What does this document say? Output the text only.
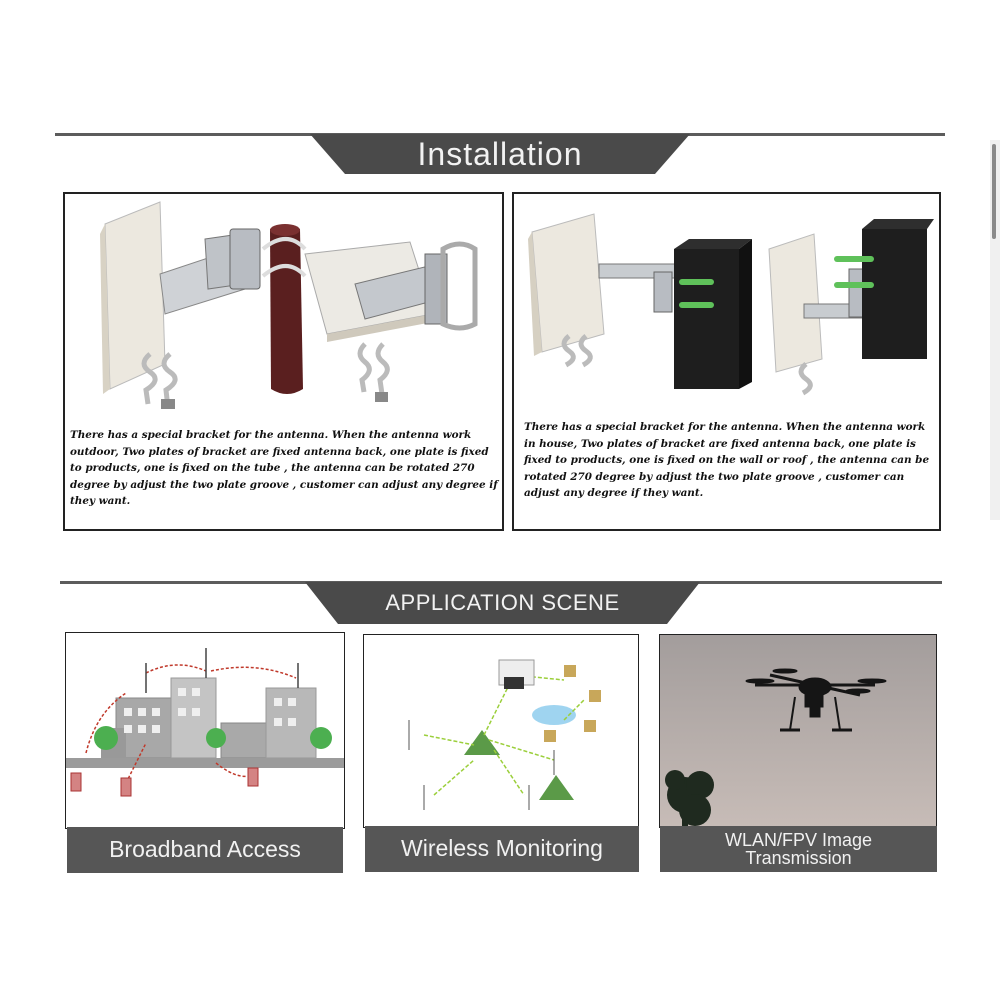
Installation
There has a special bracket for the antenna. When the antenna work outdoor, Two plates of bracket are fixed antenna back, one plate is fixed to products, one is fixed on the tube , the antenna can be rotated 270 degree by adjust the two plate groove , customer can adjust any degree if they want.
There has a special bracket for the antenna. When the antenna work in house, Two plates of bracket are fixed antenna back, one plate is fixed to products, one is fixed on the wall or roof , the antenna can be rotated 270 degree by adjust the two plate groove , customer can adjust any degree if they want.
APPLICATION SCENE
Broadband Access	Wireless Monitoring	WLAN/FPV Image
Transmission
